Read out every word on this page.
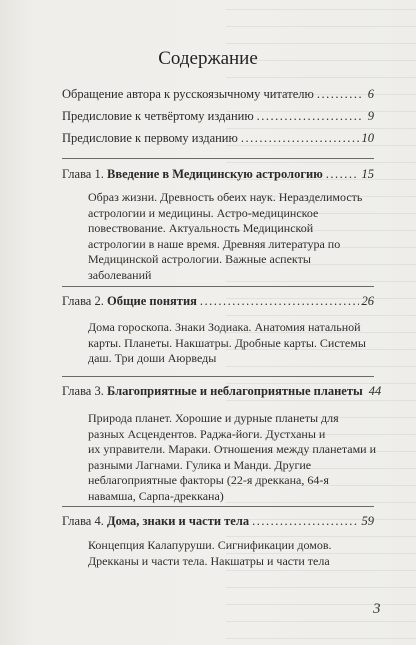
Содержание
Обращение автора к русскоязычному читателю .....	6
Предисловие к четвёртому изданию .....	9
Предисловие к первому изданию .....	10
Глава 1. Введение в Медицинскую астрологию .....	15
Образ жизни. Древность обеих наук. Неразделимость
астрологии и медицины. Астро-медицинское
повествование. Актуальность Медицинской
астрологии в наше время. Древняя литература по
Медицинской астрологии. Важные аспекты
заболеваний
Глава 2. Общие понятия .....	26
Дома гороскопа. Знаки Зодиака. Анатомия натальной
карты. Планеты. Накшатры. Дробные карты. Системы
даш. Три доши Аюрведы
Глава 3. Благоприятные и неблагоприятные планеты 44
Природа планет. Хорошие и дурные планеты для
разных Асцендентов. Раджа-йоги. Дустханы и
их управители. Мараки. Отношения между планетами и
разными Лагнами. Гулика и Манди. Другие
неблагоприятные факторы (22-я дреккана, 64-я
навамша, Сарпа-дреккана)
Глава 4. Дома, знаки и части тела .....	59
Концепция Калапуруши. Сигнификации домов.
Дрекканы и части тела. Накшатры и части тела
3
